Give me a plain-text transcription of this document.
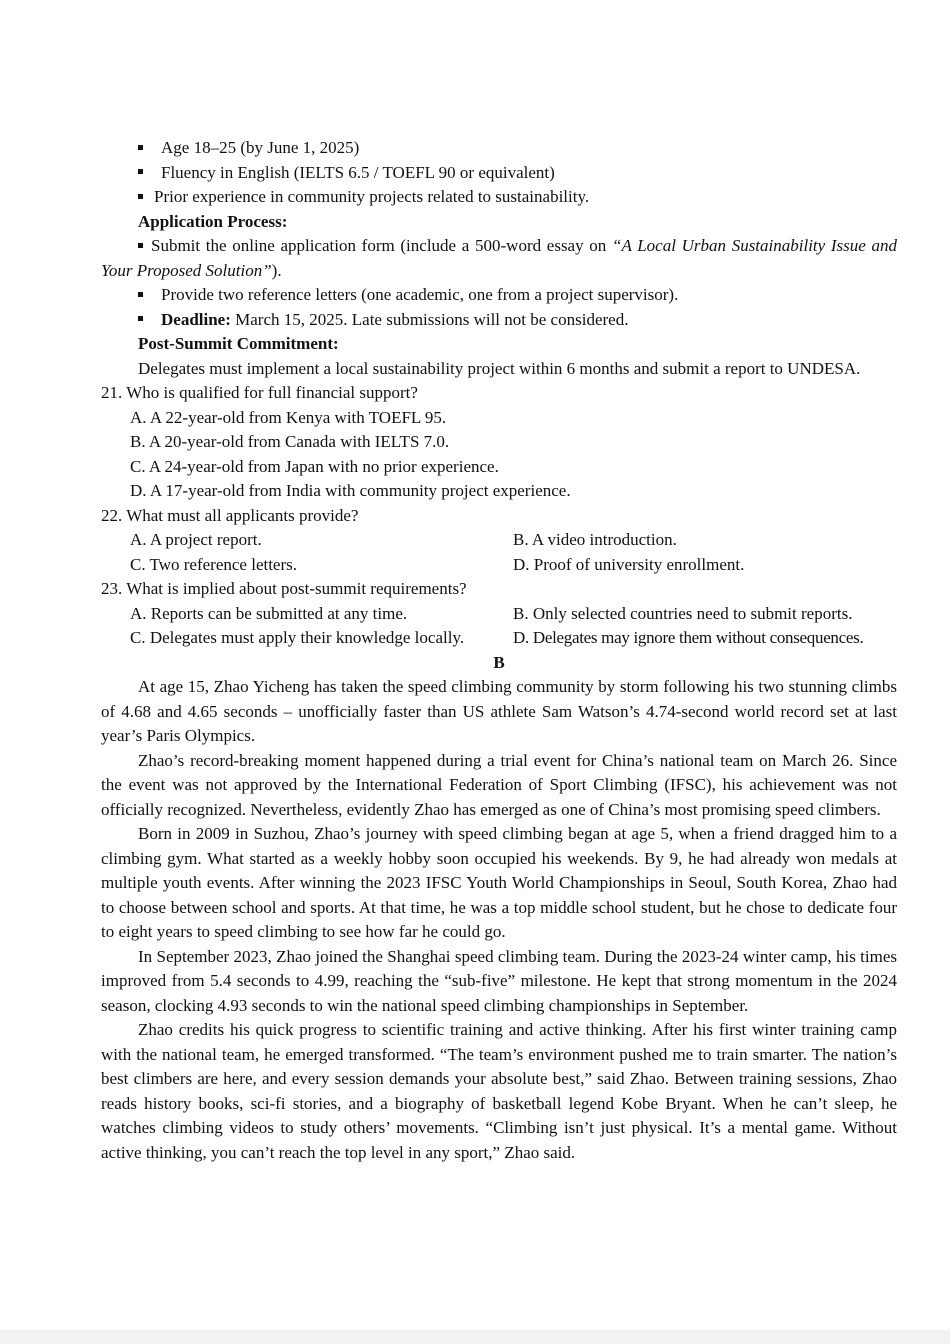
Age 18–25 (by June 1, 2025)
Fluency in English (IELTS 6.5 / TOEFL 90 or equivalent)
Prior experience in community projects related to sustainability.
Application Process:
Submit the online application form (include a 500-word essay on “A Local Urban Sustainability Issue and Your Proposed Solution”).
Provide two reference letters (one academic, one from a project supervisor).
Deadline: March 15, 2025. Late submissions will not be considered.
Post-Summit Commitment:
Delegates must implement a local sustainability project within 6 months and submit a report to UNDESA.
21. Who is qualified for full financial support?
A. A 22-year-old from Kenya with TOEFL 95.
B. A 20-year-old from Canada with IELTS 7.0.
C. A 24-year-old from Japan with no prior experience.
D. A 17-year-old from India with community project experience.
22. What must all applicants provide?
A. A project report.	B. A video introduction.
C. Two reference letters.	D. Proof of university enrollment.
23. What is implied about post-summit requirements?
A. Reports can be submitted at any time.	B. Only selected countries need to submit reports.
C. Delegates must apply their knowledge locally.	D. Delegates may ignore them without consequences.
B
At age 15, Zhao Yicheng has taken the speed climbing community by storm following his two stunning climbs of 4.68 and 4.65 seconds – unofficially faster than US athlete Sam Watson’s 4.74-second world record set at last year’s Paris Olympics.
Zhao’s record-breaking moment happened during a trial event for China’s national team on March 26. Since the event was not approved by the International Federation of Sport Climbing (IFSC), his achievement was not officially recognized. Nevertheless, evidently Zhao has emerged as one of China’s most promising speed climbers.
Born in 2009 in Suzhou, Zhao’s journey with speed climbing began at age 5, when a friend dragged him to a climbing gym. What started as a weekly hobby soon occupied his weekends. By 9, he had already won medals at multiple youth events. After winning the 2023 IFSC Youth World Championships in Seoul, South Korea, Zhao had to choose between school and sports. At that time, he was a top middle school student, but he chose to dedicate four to eight years to speed climbing to see how far he could go.
In September 2023, Zhao joined the Shanghai speed climbing team. During the 2023-24 winter camp, his times improved from 5.4 seconds to 4.99, reaching the “sub-five” milestone. He kept that strong momentum in the 2024 season, clocking 4.93 seconds to win the national speed climbing championships in September.
Zhao credits his quick progress to scientific training and active thinking. After his first winter training camp with the national team, he emerged transformed. “The team’s environment pushed me to train smarter. The nation’s best climbers are here, and every session demands your absolute best,” said Zhao. Between training sessions, Zhao reads history books, sci-fi stories, and a biography of basketball legend Kobe Bryant. When he can’t sleep, he watches climbing videos to study others’ movements. “Climbing isn’t just physical. It’s a mental game. Without active thinking, you can’t reach the top level in any sport,” Zhao said.
